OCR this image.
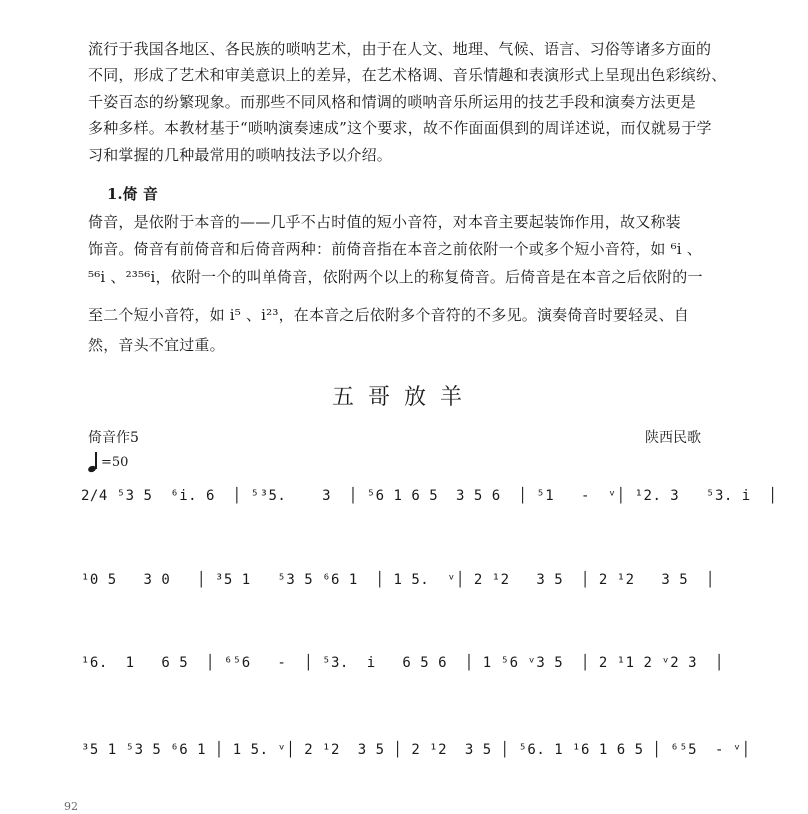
流行于我国各地区、各民族的唢呐艺术，由于在人文、地理、气候、语言、习俗等诸多方面的

不同，形成了艺术和审美意识上的差异，在艺术格调、音乐情趣和表演形式上呈现出色彩缤纷、

千姿百态的纷繁现象。而那些不同风格和情调的唢呐音乐所运用的技艺手段和演奏方法更是

多种多样。本教材基于“唢呐演奏速成”这个要求，故不作面面俱到的周详述说，而仅就易于学

习和掌握的几种最常用的唢呐技法予以介绍。

1.倚 音

倚音，是依附于本音的——几乎不占时值的短小音符，对本音主要起装饰作用，故又称装

饰音。倚音有前倚音和后倚音两种：前倚音指在本音之前依附一个或多个短小音符，如 ⁶i 、

⁵⁶i 、²³⁵⁶i，依附一个的叫单倚音，依附两个以上的称复倚音。后倚音是在本音之后依附的一

至二个短小音符，如 i⁵ 、i²³，在本音之后依附多个音符的不多见。演奏倚音时要轻灵、自

然，音头不宜过重。

五哥放羊
倚音作5	陕西民歌
=50
2/4 ⁵3 5  ⁶i. 6  │ ⁵³5.    3  │ ⁵6 1 6 5  3 5 6  │ ⁵1   -  ᵛ│ ¹2. 3   ⁵3. i  │
¹0 5   3 0   │ ³5 1   ⁵3 5 ⁶6 1  │ 1 5.  ᵛ│ 2 ¹2   3 5  │ 2 ¹2   3 5  │
¹6.  1   6 5  │ ⁶⁵6   -  │ ⁵3.  i   6 5 6  │ 1 ⁵6 ᵛ3 5  │ 2 ¹1 2 ᵛ2 3  │
³5 1 ⁵3 5 ⁶6 1 │ 1 5. ᵛ│ 2 ¹2  3 5 │ 2 ¹2  3 5 │ ⁵6. 1 ¹6 1 6 5 │ ⁶⁵5  - ᵛ│
92
